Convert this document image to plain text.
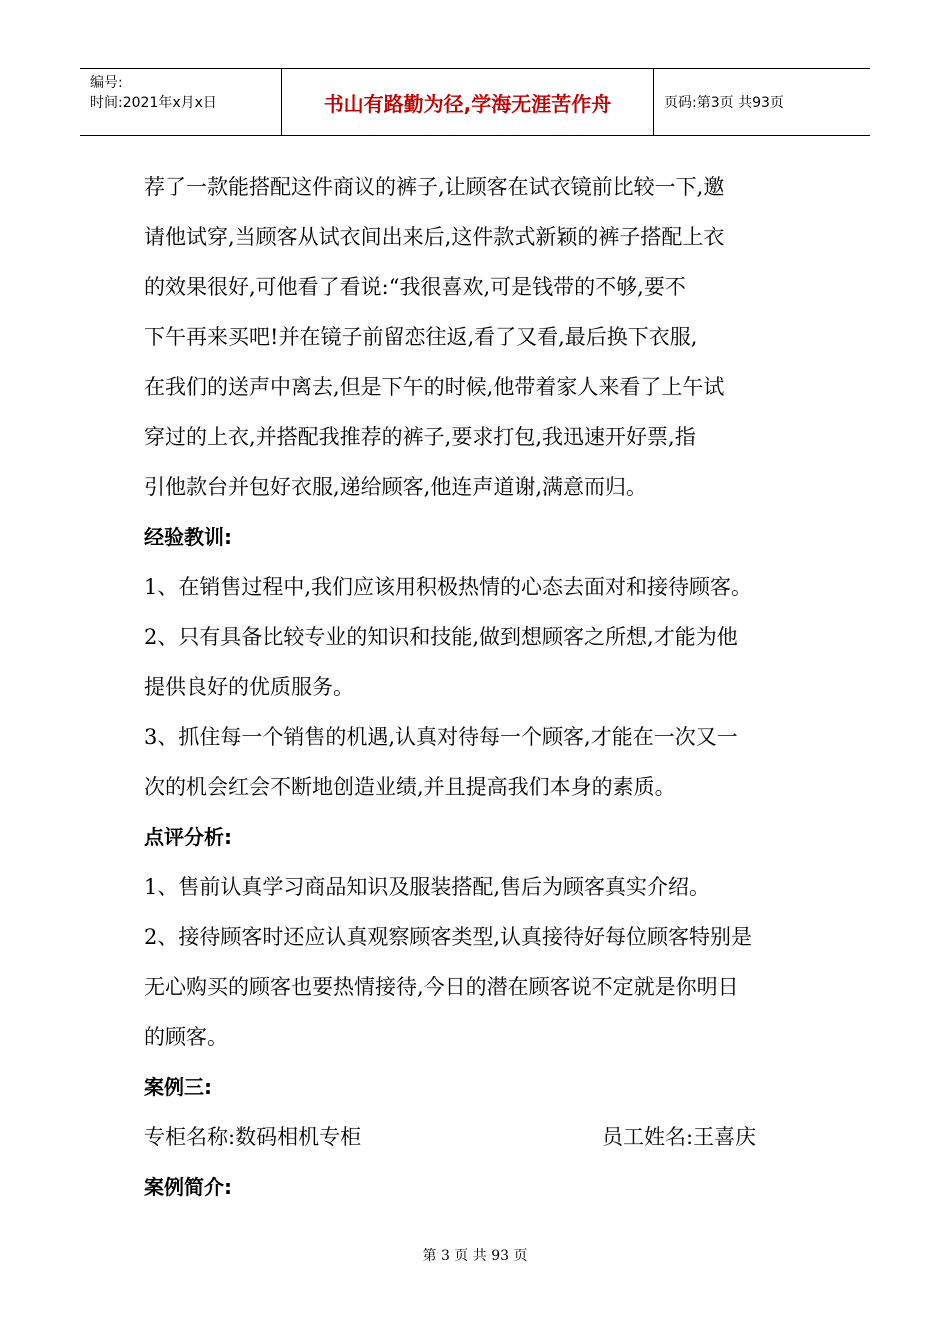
编号:
时间:2021年x月x日	书山有路勤为径,学海无涯苦作舟	页码:第3页 共93页

荐了一款能搭配这件商议的裤子,让顾客在试衣镜前比较一下,邀

请他试穿,当顾客从试衣间出来后,这件款式新颖的裤子搭配上衣

的效果很好,可他看了看说:“我很喜欢,可是钱带的不够,要不

下午再来买吧!并在镜子前留恋往返,看了又看,最后换下衣服,

在我们的送声中离去,但是下午的时候,他带着家人来看了上午试

穿过的上衣,并搭配我推荐的裤子,要求打包,我迅速开好票,指

引他款台并包好衣服,递给顾客,他连声道谢,满意而归。

经验教训:

1、在销售过程中,我们应该用积极热情的心态去面对和接待顾客。

2、只有具备比较专业的知识和技能,做到想顾客之所想,才能为他

提供良好的优质服务。

3、抓住每一个销售的机遇,认真对待每一个顾客,才能在一次又一

次的机会红会不断地创造业绩,并且提高我们本身的素质。

点评分析:

1、售前认真学习商品知识及服装搭配,售后为顾客真实介绍。

2、接待顾客时还应认真观察顾客类型,认真接待好每位顾客特别是

无心购买的顾客也要热情接待,今日的潜在顾客说不定就是你明日

的顾客。

案例三:

专柜名称:数码相机专柜	员工姓名:王喜庆

案例简介:

第 3 页 共 93 页
